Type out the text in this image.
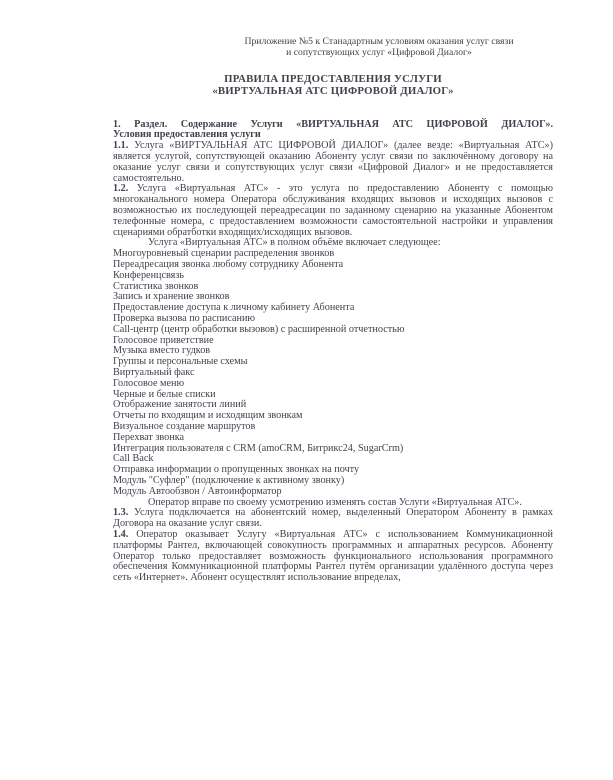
Приложение №5 к Станадартным условиям оказания услуг связи
и сопутствующих услуг «Цифровой Диалог»
ПРАВИЛА ПРЕДОСТАВЛЕНИЯ УСЛУГИ
«ВИРТУАЛЬНАЯ АТС ЦИФРОВОЙ ДИАЛОГ»
1. Раздел. Содержание Услуги «ВИРТУАЛЬНАЯ АТС ЦИФРОВОЙ ДИАЛОГ».
Условия предоставления услуги

1.1. Услуга «ВИРТУАЛЬНАЯ АТС ЦИФРОВОЙ ДИАЛОГ» (далее везде: «Виртуальная АТС») является услугой, сопутствующей оказанию Абоненту услуг связи по заключённому договору на оказание услуг связи и сопутствующих услуг связи «Цифровой Диалог» и не предоставляется самостоятельно.

1.2. Услуга «Виртуальная АТС» - это услуга по предоставлению Абоненту с помощью многоканального номера Оператора обслуживания входящих вызовов и исходящих вызовов с возможностью их последующей переадресации по заданному сценарию на указанные Абонентом телефонные номера, с предоставлением возможности самостоятельной настройки и управления сценариями обратботки входящих/исходящих вызовов.

Услуга «Виртуальная АТС» в полном объёме включает следующее:

Многоуровневый сценарии распределения звонков
Переадресация звонка любому сотруднику Абонента
Конференцсвязь
Статистика звонков
Запись и хранение звонков
Предоставление доступа к личному кабинету Абонента
Проверка вызова по расписанию
Call-центр (центр обработки вызовов) с расширенной отчетностью
Голосовое приветствие
Музыка вместо гудков
Группы и персональные схемы
Виртуальный факс
Голосовое меню
Черные и белые списки
Отображение занятости линий
Отчеты по входящим и исходящим звонкам
Визуальное создание маршрутов
Перехват звонка
Интеграция пользователя с CRM (amoCRM, Битрикс24, SugarCrm)
Call Back
Отправка информации о пропущенных звонках на почту
Модуль "Суфлер" (подключение к активному звонку)
Модуль Автообзвон / Автоинформатор

Оператор вправе по своему усмотрению изменять состав Услуги «Виртуальная АТС».

1.3. Услуга подключается на абонентский номер, выделенный Оператором Абоненту в рамках Договора на оказание услуг связи.

1.4. Оператор оказывает Услугу «Виртуальная АТС» с использованием Коммуникационной платформы Рантел, включающей совокупность программных и аппаратных ресурсов. Абоненту Оператор только предоставляет возможность функционального использования программного обеспечения Коммуникационной платформы Рантел путём организации удалённого доступа через сеть «Интернет». Абонент осуществлят использование впределах,
